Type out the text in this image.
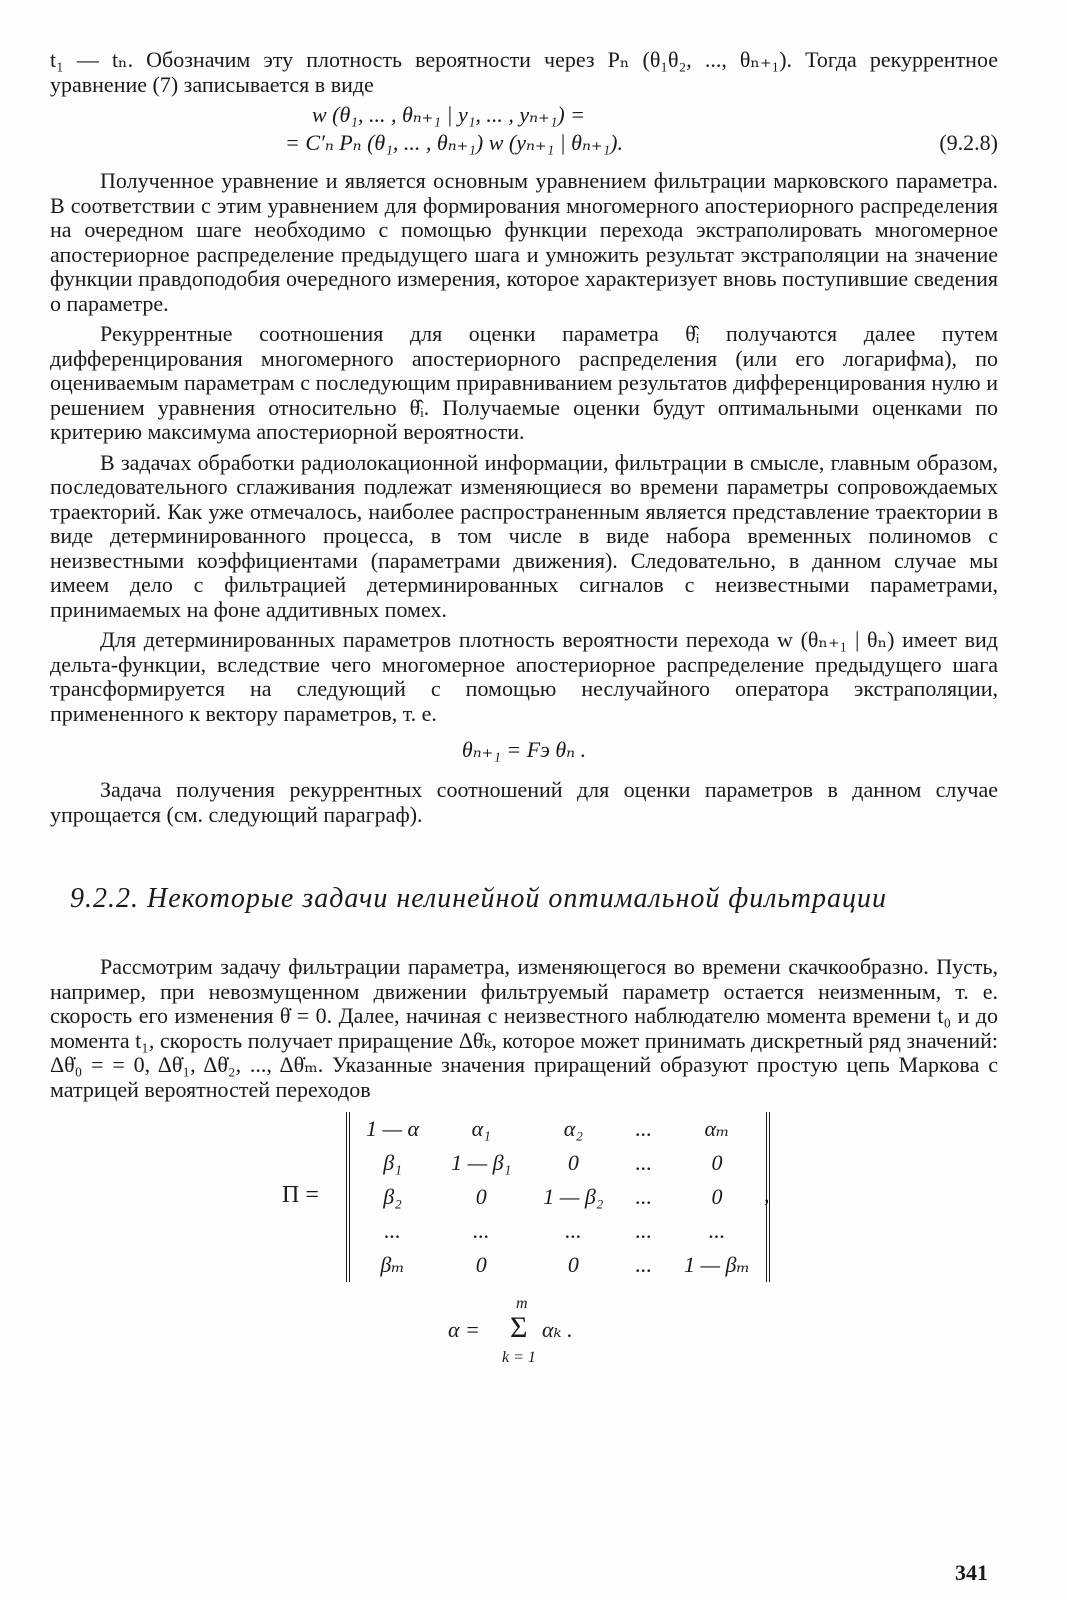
t₁ — tₙ. Обозначим эту плотность вероятности через Pₙ (θ₁θ₂, ..., θₙ₊₁). Тогда рекуррентное уравнение (7) записывается в виде

w (θ₁, ... , θₙ₊₁ | y₁, ... , yₙ₊₁) =
= C′ₙ Pₙ (θ₁, ... , θₙ₊₁) w (yₙ₊₁ | θₙ₊₁).	(9.2.8)

Полученное уравнение и является основным уравнением фильтрации марковского параметра. В соответствии с этим уравнением для формирования многомерного апостериорного распределения на очередном шаге необходимо с помощью функции перехода экстраполировать многомерное апостериорное распределение предыдущего шага и умножить результат экстраполяции на значение функции правдоподобия очередного измерения, которое характеризует вновь поступившие сведения о параметре.

Рекуррентные соотношения для оценки параметра θ̂ᵢ получаются далее путем дифференцирования многомерного апостериорного распределения (или его логарифма), по оцениваемым параметрам с последующим приравниванием результатов дифференцирования нулю и решением уравнения относительно θ̂ᵢ. Получаемые оценки будут оптимальными оценками по критерию максимума апостериорной вероятности.

В задачах обработки радиолокационной информации, фильтрации в смысле, главным образом, последовательного сглаживания подлежат изменяющиеся во времени параметры сопровождаемых траекторий. Как уже отмечалось, наиболее распространенным является представление траектории в виде детерминированного процесса, в том числе в виде набора временных полиномов с неизвестными коэффициентами (параметрами движения). Следовательно, в данном случае мы имеем дело с фильтрацией детерминированных сигналов с неизвестными параметрами, принимаемых на фоне аддитивных помех.

Для детерминированных параметров плотность вероятности перехода w (θₙ₊₁ | θₙ) имеет вид дельта-функции, вследствие чего многомерное апостериорное распределение предыдущего шага трансформируется на следующий с помощью неслучайного оператора экстраполяции, примененного к вектору параметров, т. е.

θₙ₊₁ = Fэ θₙ .

Задача получения рекуррентных соотношений для оценки параметров в данном случае упрощается (см. следующий параграф).

9.2.2. Некоторые задачи нелинейной оптимальной фильтрации

Рассмотрим задачу фильтрации параметра, изменяющегося во времени скачкообразно. Пусть, например, при невозмущенном движении фильтруемый параметр остается неизменным, т. е. скорость его изменения θ̇ = 0. Далее, начиная с неизвестного наблюдателю момента времени t₀ и до момента t₁, скорость получает приращение Δθ̇ₖ, которое может принимать дискретный ряд значений: Δθ̇₀ = = 0, Δθ̇₁, Δθ̇₂, ..., Δθ̇ₘ. Указанные значения приращений образуют простую цепь Маркова с матрицей вероятностей переходов

Π =
1 — α	α₁	α₂	...	αₘ
β₁	1 — β₁	0	...	0
β₂	0	1 — β₂	...	0
...	...	...	...	...
βₘ	0	0	...	1 — βₘ
,
m
α = Σ αₖ .
k = 1
341
